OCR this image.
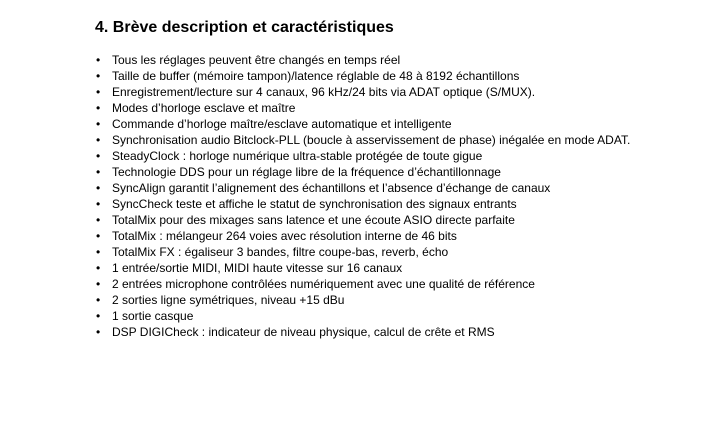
4. Brève description et caractéristiques
• Tous les réglages peuvent être changés en temps réel
• Taille de buffer (mémoire tampon)/latence réglable de 48 à 8192 échantillons
• Enregistrement/lecture sur 4 canaux, 96 kHz/24 bits via ADAT optique (S/MUX).
• Modes d’horloge esclave et maître
• Commande d’horloge maître/esclave automatique et intelligente
• Synchronisation audio Bitclock-PLL (boucle à asservissement de phase) inégalée en mode ADAT.
• SteadyClock : horloge numérique ultra-stable protégée de toute gigue
• Technologie DDS pour un réglage libre de la fréquence d’échantillonnage
• SyncAlign garantit l’alignement des échantillons et l’absence d’échange de canaux
• SyncCheck teste et affiche le statut de synchronisation des signaux entrants
• TotalMix pour des mixages sans latence et une écoute ASIO directe parfaite
• TotalMix : mélangeur 264 voies avec résolution interne de 46 bits
• TotalMix FX : égaliseur 3 bandes, filtre coupe-bas, reverb, écho
• 1 entrée/sortie MIDI, MIDI haute vitesse sur 16 canaux
• 2 entrées microphone contrôlées numériquement avec une qualité de référence
• 2 sorties ligne symétriques, niveau +15 dBu
• 1 sortie casque
• DSP DIGICheck : indicateur de niveau physique, calcul de crête et RMS
